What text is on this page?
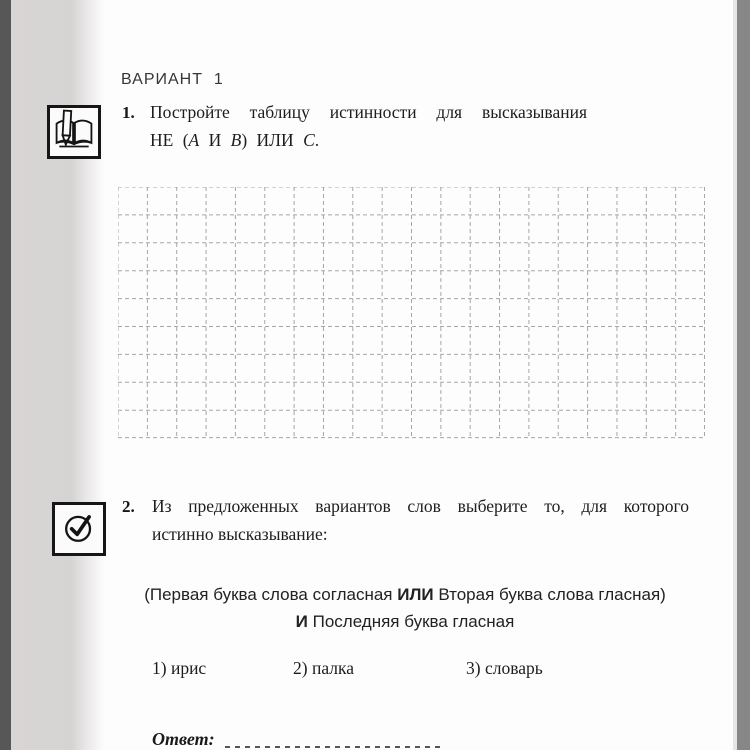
ВАРИАНТ  1
1. Постройте таблицу истинности для высказывания
НЕ (А И В) ИЛИ С.
2. Из предложенных вариантов слов выберите то, для которого
истинно высказывание:
(Первая буква слова согласная ИЛИ Вторая буква слова гласная)
И Последняя буква гласная
1) ирис	2) палка	3) словарь
Ответ:
